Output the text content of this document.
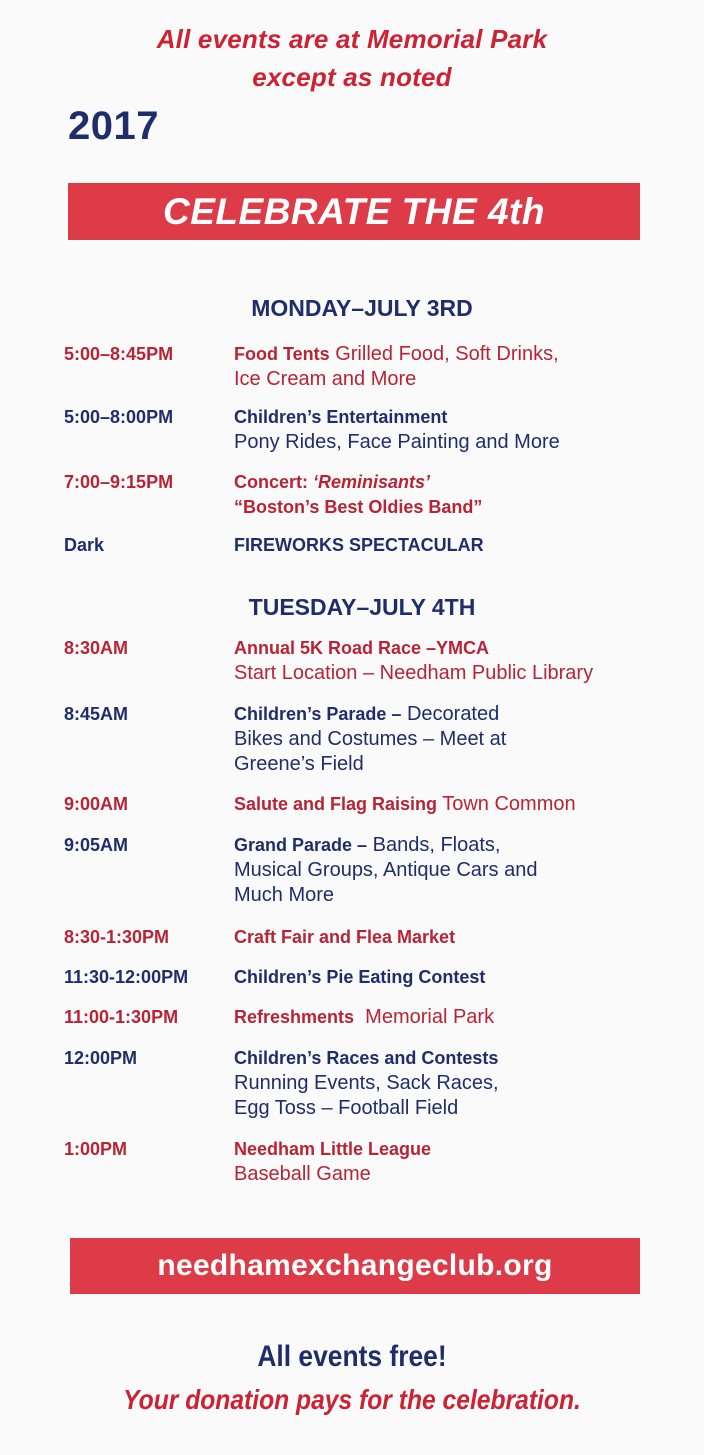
All events are at Memorial Park
except as noted
2017
CELEBRATE THE 4th
MONDAY–JULY 3RD
5:00–8:45PM	Food Tents Grilled Food, Soft Drinks,
Ice Cream and More
5:00–8:00PM	Children’s Entertainment
Pony Rides, Face Painting and More
7:00–9:15PM	Concert: ‘Reminisants’
“Boston’s Best Oldies Band”
Dark	FIREWORKS SPECTACULAR
TUESDAY–JULY 4TH
8:30AM	Annual 5K Road Race –YMCA
Start Location – Needham Public Library
8:45AM	Children’s Parade – Decorated
Bikes and Costumes – Meet at
Greene’s Field
9:00AM	Salute and Flag Raising Town Common
9:05AM	Grand Parade – Bands, Floats,
Musical Groups, Antique Cars and
Much More
8:30-1:30PM	Craft Fair and Flea Market
11:30-12:00PM	Children’s Pie Eating Contest
11:00-1:30PM	Refreshments  Memorial Park
12:00PM	Children’s Races and Contests
Running Events, Sack Races,
Egg Toss – Football Field
1:00PM	Needham Little League
Baseball Game
needhamexchangeclub.org
All events free!
Your donation pays for the celebration.
